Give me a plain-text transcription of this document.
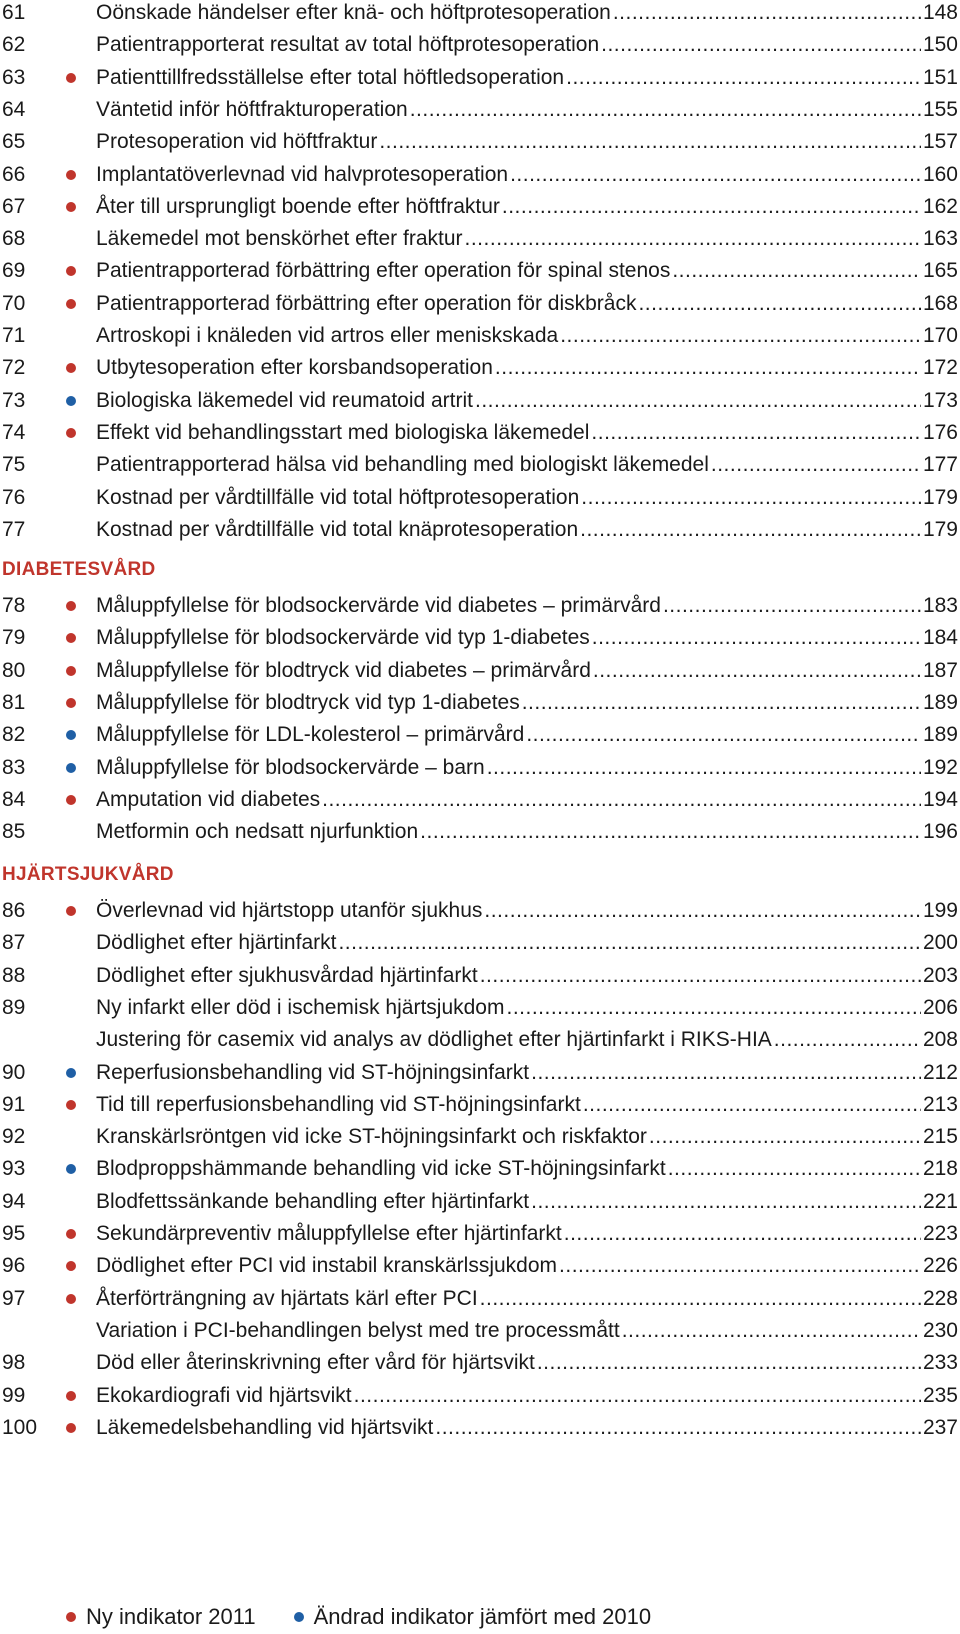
61	Oönskade händelser efter knä- och höftprotesoperation .....	148
62	Patientrapporterat resultat av total höftprotesoperation .....	150
63	Patienttillfredsställelse efter total höftledsoperation .....	151
64	Väntetid inför höftfrakturoperation .....	155
65	Protesoperation vid höftfraktur .....	157
66	Implantatöverlevnad vid halvprotesoperation .....	160
67	Åter till ursprungligt boende efter höftfraktur .....	162
68	Läkemedel mot benskörhet efter fraktur .....	163
69	Patientrapporterad förbättring efter operation för spinal stenos .....	165
70	Patientrapporterad förbättring efter operation för diskbråck .....	168
71	Artroskopi i knäleden vid artros eller meniskskada .....	170
72	Utbytesoperation efter korsbandsoperation .....	172
73	Biologiska läkemedel vid reumatoid artrit .....	173
74	Effekt vid behandlingsstart med biologiska läkemedel .....	176
75	Patientrapporterad hälsa vid behandling med biologiskt läkemedel .....	177
76	Kostnad per vårdtillfälle vid total höftprotesoperation .....	179
77	Kostnad per vårdtillfälle vid total knäprotesoperation .....	179
DIABETESVÅRD
78	Måluppfyllelse för blodsockervärde vid diabetes – primärvård .....	183
79	Måluppfyllelse för blodsockervärde vid typ 1-diabetes .....	184
80	Måluppfyllelse för blodtryck vid diabetes – primärvård .....	187
81	Måluppfyllelse för blodtryck vid typ 1-diabetes .....	189
82	Måluppfyllelse för LDL-kolesterol – primärvård .....	189
83	Måluppfyllelse för blodsockervärde – barn .....	192
84	Amputation vid diabetes .....	194
85	Metformin och nedsatt njurfunktion .....	196
HJÄRTSJUKVÅRD
86	Överlevnad vid hjärtstopp utanför sjukhus .....	199
87	Dödlighet efter hjärtinfarkt .....	200
88	Dödlighet efter sjukhusvårdad hjärtinfarkt .....	203
89	Ny infarkt eller död i ischemisk hjärtsjukdom .....	206
Justering för casemix vid analys av dödlighet efter hjärtinfarkt i RIKS-HIA .....	208
90	Reperfusionsbehandling vid ST-höjningsinfarkt .....	212
91	Tid till reperfusionsbehandling vid ST-höjningsinfarkt .....	213
92	Kranskärlsröntgen vid icke ST-höjningsinfarkt och riskfaktor .....	215
93	Blodproppshämmande behandling vid icke ST-höjningsinfarkt .....	218
94	Blodfettssänkande behandling efter hjärtinfarkt .....	221
95	Sekundärpreventiv måluppfyllelse efter hjärtinfarkt .....	223
96	Dödlighet efter PCI vid instabil kranskärlssjukdom .....	226
97	Återförträngning av hjärtats kärl efter PCI .....	228
Variation i PCI-behandlingen belyst med tre processmått .....	230
98	Död eller återinskrivning efter vård för hjärtsvikt .....	233
99	Ekokardiografi vid hjärtsvikt .....	235
100	Läkemedelsbehandling vid hjärtsvikt .....	237
Ny indikator 2011	Ändrad indikator jämfört med 2010
